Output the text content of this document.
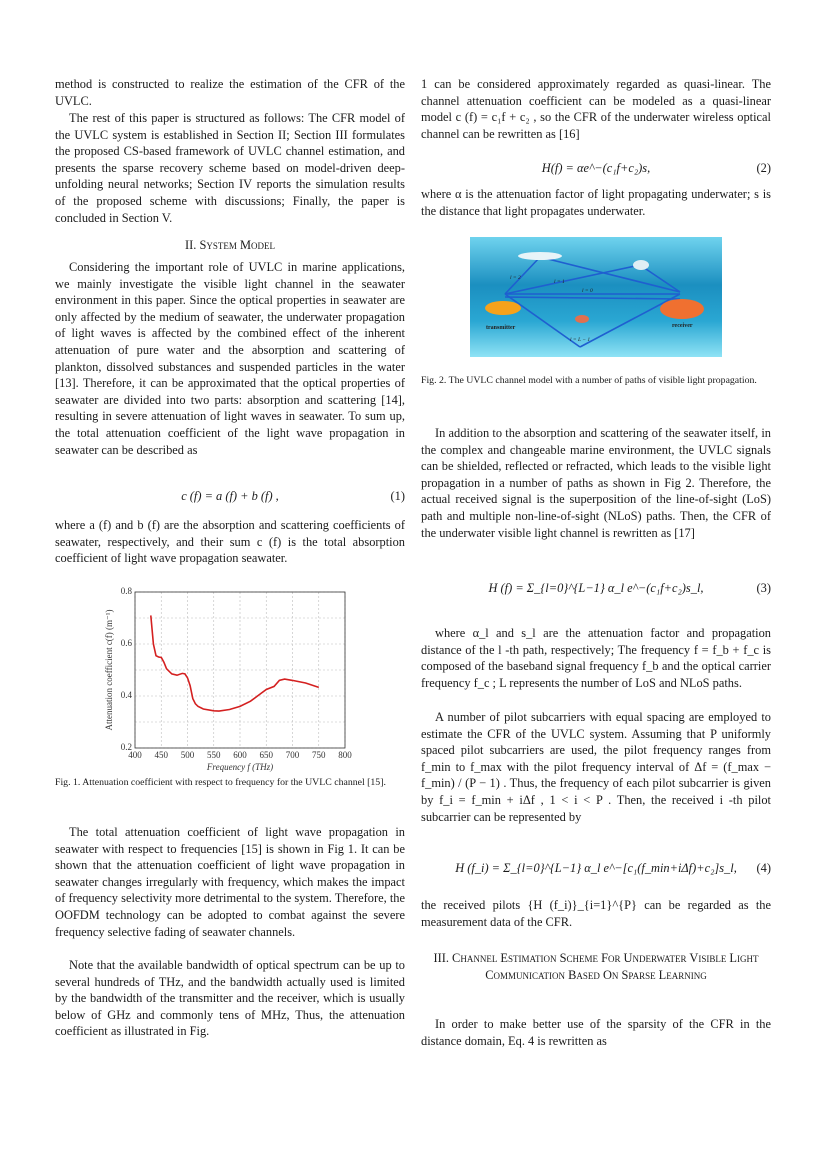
method is constructed to realize the estimation of the CFR of the UVLC.
The rest of this paper is structured as follows: The CFR model of the UVLC system is established in Section II; Section III formulates the proposed CS-based framework of UVLC channel estimation, and presents the sparse recovery scheme based on model-driven deep-unfolding neural networks; Section IV reports the simulation results of the proposed scheme with discussions; Finally, the paper is concluded in Section V.
II. System Model
Considering the important role of UVLC in marine applications, we mainly investigate the visible light channel in the seawater environment in this paper. Since the optical properties in seawater are only affected by the medium of seawater, the underwater propagation of light waves is affected by the combined effect of the inherent attenuation of pure water and the absorption and scattering of plankton, dissolved substances and suspended particles in the water [13]. Therefore, it can be approximated that the optical properties of seawater are divided into two parts: absorption and scattering [14], resulting in severe attenuation of light waves in seawater. To sum up, the total attenuation coefficient of the light wave propagation in seawater can be described as
c (f) = a (f) + b (f) ,	(1)
where a (f) and b (f) are the absorption and scattering coefficients of seawater, respectively, and their sum c (f) is the total absorption coefficient of light wave propagation seawater.
400 450 500 550 600 650 700 750 800
0.2
0.4
0.6
0.8
Frequency f (THz)
Attenuation coefficient c(f) (m⁻¹)
Fig. 1. Attenuation coefficient with respect to frequency for the UVLC channel [15].
The total attenuation coefficient of light wave propagation in seawater with respect to frequencies [15] is shown in Fig 1. It can be shown that the attenuation coefficient of light wave propagation in seawater changes irregularly with frequency, which makes the impact of frequency selectivity more detrimental to the system. Therefore, the OOFDM technology can be adopted to combat against the severe frequency selective fading of seawater channels.
Note that the available bandwidth of optical spectrum can be up to several hundreds of THz, and the bandwidth actually used is limited by the bandwidth of the transmitter and the receiver, which is usually below of GHz and commonly tens of MHz, Thus, the attenuation coefficient as illustrated in Fig.
1 can be considered approximately regarded as quasi-linear. The channel attenuation coefficient can be modeled as a quasi-linear model c (f) = c₁f + c₂ , so the CFR of the underwater wireless optical channel can be rewritten as [16]
H(f) = αe^−(c₁f+c₂)s,	(2)
where α is the attenuation factor of light propagating underwater; s is the distance that light propagates underwater.
transmitter	receiver
l = 2
l = 1
l = 0
l = L − 1
Fig. 2. The UVLC channel model with a number of paths of visible light propagation.
In addition to the absorption and scattering of the seawater itself, in the complex and changeable marine environment, the UVLC signals can be shielded, reflected or refracted, which leads to the visible light propagation in a number of paths as shown in Fig 2. Therefore, the actual received signal is the superposition of the line-of-sight (LoS) path and multiple non-line-of-sight (NLoS) paths. Then, the CFR of the underwater visible light channel is rewritten as [17]
H (f) = Σ_{l=0}^{L−1} α_l e^−(c₁f+c₂)s_l,	(3)
where α_l and s_l are the attenuation factor and propagation distance of the l -th path, respectively; The frequency f = f_b + f_c is composed of the baseband signal frequency f_b and the optical carrier frequency f_c ; L represents the number of LoS and NLoS paths.
A number of pilot subcarriers with equal spacing are employed to estimate the CFR of the UVLC system. Assuming that P uniformly spaced pilot subcarriers are used, the pilot frequency ranges from f_min to f_max with the pilot frequency interval of Δf = (f_max − f_min) / (P − 1) . Thus, the frequency of each pilot subcarrier is given by f_i = f_min + iΔf , 1 < i < P . Then, the received i -th pilot subcarrier can be represented by
H (f_i) = Σ_{l=0}^{L−1} α_l e^−[c₁(f_min+iΔf)+c₂]s_l, (4)
the received pilots {H (f_i)}_{i=1}^{P} can be regarded as the measurement data of the CFR.
III. Channel Estimation Scheme For Underwater Visible Light Communication Based On Sparse Learning
In order to make better use of the sparsity of the CFR in the distance domain, Eq. 4 is rewritten as
